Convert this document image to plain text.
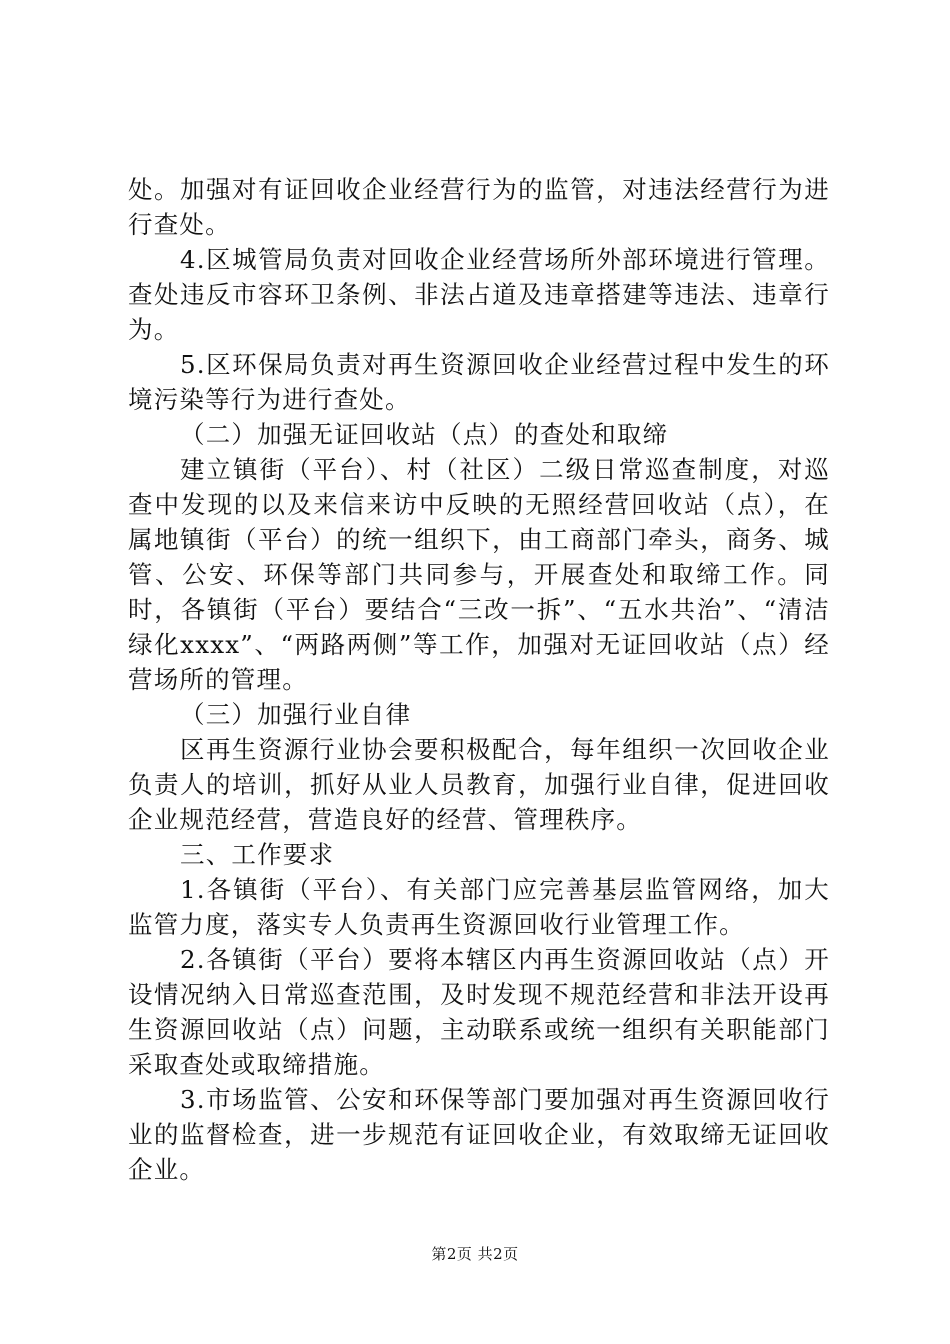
处。加强对有证回收企业经营行为的监管，对违法经营行为进行查处。

4.区城管局负责对回收企业经营场所外部环境进行管理。查处违反市容环卫条例、非法占道及违章搭建等违法、违章行为。

5.区环保局负责对再生资源回收企业经营过程中发生的环境污染等行为进行查处。

（二）加强无证回收站（点）的查处和取缔

建立镇街（平台）、村（社区）二级日常巡查制度，对巡查中发现的以及来信来访中反映的无照经营回收站（点），在属地镇街（平台）的统一组织下，由工商部门牵头，商务、城管、公安、环保等部门共同参与，开展查处和取缔工作。同时，各镇街（平台）要结合“三改一拆”、“五水共治”、“清洁绿化xxxx”、“两路两侧”等工作，加强对无证回收站（点）经营场所的管理。

（三）加强行业自律

区再生资源行业协会要积极配合，每年组织一次回收企业负责人的培训，抓好从业人员教育，加强行业自律，促进回收企业规范经营，营造良好的经营、管理秩序。

三、工作要求

1.各镇街（平台）、有关部门应完善基层监管网络，加大监管力度，落实专人负责再生资源回收行业管理工作。

2.各镇街（平台）要将本辖区内再生资源回收站（点）开设情况纳入日常巡查范围，及时发现不规范经营和非法开设再生资源回收站（点）问题，主动联系或统一组织有关职能部门采取查处或取缔措施。

3.市场监管、公安和环保等部门要加强对再生资源回收行业的监督检查，进一步规范有证回收企业，有效取缔无证回收企业。

第2页 共2页
